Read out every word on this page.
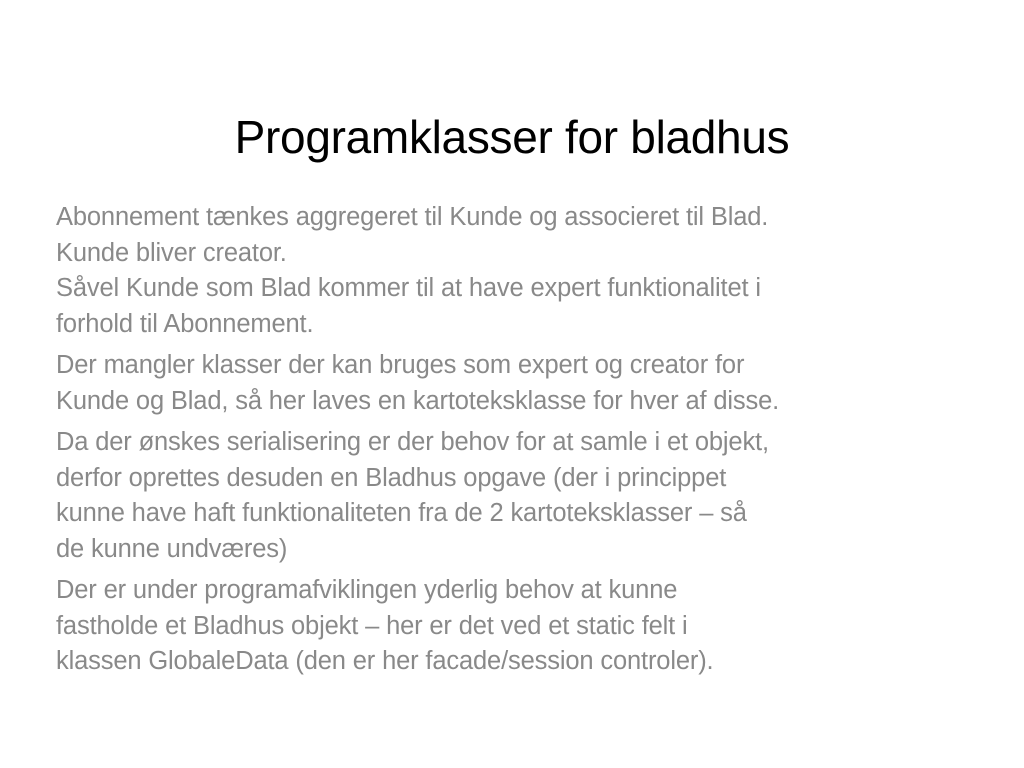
Programklasser for bladhus

Abonnement tænkes aggregeret til Kunde og associeret til Blad.
Kunde bliver creator.
Såvel Kunde som Blad kommer til at have expert funktionalitet i
forhold til Abonnement.

Der mangler klasser der kan bruges som expert og creator for
Kunde og Blad, så her laves en kartoteksklasse for hver af disse.

Da der ønskes serialisering er der behov for at samle i et objekt,
derfor oprettes desuden en Bladhus opgave (der i princippet
kunne have haft funktionaliteten fra de 2 kartoteksklasser – så
de kunne undværes)

Der er under programafviklingen yderlig behov at kunne
fastholde et Bladhus objekt – her er det ved et static felt i
klassen GlobaleData (den er her facade/session controler).
